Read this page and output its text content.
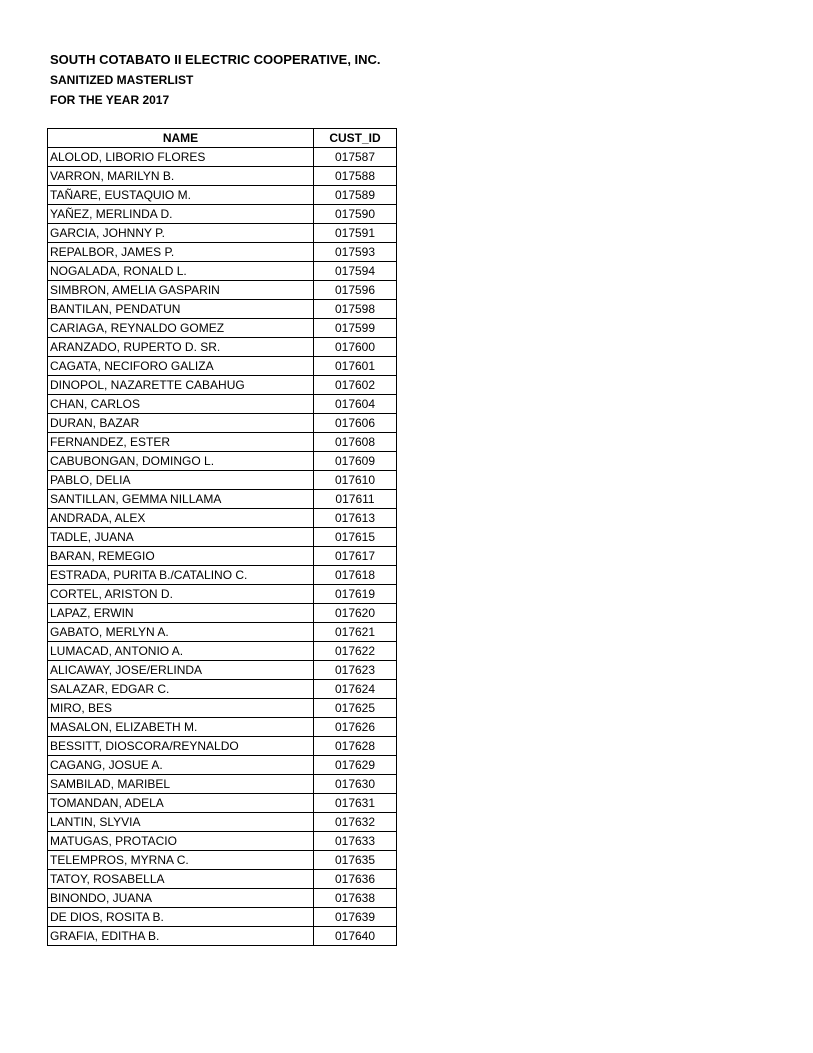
SOUTH COTABATO II ELECTRIC COOPERATIVE, INC.
SANITIZED MASTERLIST
FOR THE YEAR 2017
NAME	CUST_ID
ALOLOD, LIBORIO FLORES	017587
VARRON, MARILYN B.	017588
TAÑARE, EUSTAQUIO M.	017589
YAÑEZ, MERLINDA D.	017590
GARCIA, JOHNNY P.	017591
REPALBOR, JAMES P.	017593
NOGALADA, RONALD L.	017594
SIMBRON, AMELIA GASPARIN	017596
BANTILAN, PENDATUN	017598
CARIAGA, REYNALDO GOMEZ	017599
ARANZADO, RUPERTO D. SR.	017600
CAGATA, NECIFORO GALIZA	017601
DINOPOL, NAZARETTE CABAHUG	017602
CHAN, CARLOS	017604
DURAN, BAZAR	017606
FERNANDEZ, ESTER	017608
CABUBONGAN, DOMINGO L.	017609
PABLO, DELIA	017610
SANTILLAN, GEMMA NILLAMA	017611
ANDRADA, ALEX	017613
TADLE, JUANA	017615
BARAN, REMEGIO	017617
ESTRADA, PURITA B./CATALINO C.	017618
CORTEL, ARISTON D.	017619
LAPAZ, ERWIN	017620
GABATO, MERLYN A.	017621
LUMACAD, ANTONIO A.	017622
ALICAWAY, JOSE/ERLINDA	017623
SALAZAR, EDGAR C.	017624
MIRO, BES	017625
MASALON, ELIZABETH M.	017626
BESSITT, DIOSCORA/REYNALDO	017628
CAGANG, JOSUE A.	017629
SAMBILAD, MARIBEL	017630
TOMANDAN, ADELA	017631
LANTIN, SLYVIA	017632
MATUGAS, PROTACIO	017633
TELEMPROS, MYRNA C.	017635
TATOY, ROSABELLA	017636
BINONDO, JUANA	017638
DE DIOS, ROSITA B.	017639
GRAFIA, EDITHA B.	017640
